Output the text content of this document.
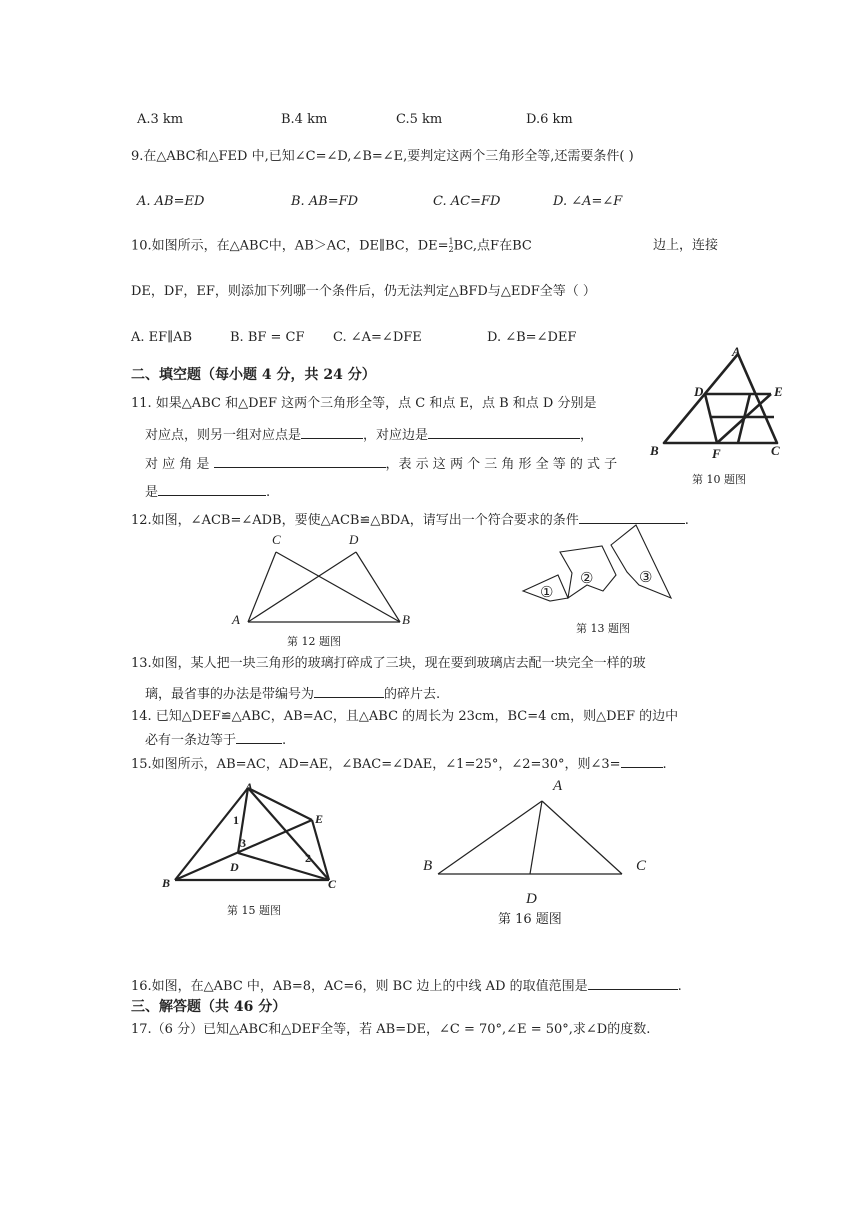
A.3 km	B.4 km	C.5 km	D.6 km
9.在△ABC和△FED 中,已知∠C=∠D,∠B=∠E,要判定这两个三角形全等,还需要条件( )
A. AB=ED	B. AB=FD	C. AC=FD	D. ∠A=∠F
10.如图所示，在△ABC中，AB＞AC，DE∥BC，DE=1
2BC,点F在BC	边上，连接
DE，DF，EF，则添加下列哪一个条件后，仍无法判定△BFD与△EDF全等（ ）
A. EF∥AB	B. BF = CF C. ∠A=∠DFE	D. ∠B=∠DEF
二、填空题（每小题 4 分，共 24 分）
11. 如果△ABC 和△DEF 这两个三角形全等，点 C 和点 E，点 B 和点 D 分别是
对应点，则另一组对应点是	，对应边是	，
对 应 角 是	，表 示 这 两 个 三 角 形 全 等 的 式 子
是	.
A
D	E
B	F	C
第 10 题图
12.如图，∠ACB=∠ADB，要使△ACB≌△BDA，请写出一个符合要求的条件	.
C	D
A	B
第 12 题图
①
②	③
第 13 题图
13.如图，某人把一块三角形的玻璃打碎成了三块，现在要到玻璃店去配一块完全一样的玻
璃，最省事的办法是带编号为	的碎片去.
14. 已知△DEF≌△ABC，AB=AC，且△ABC 的周长为 23cm，BC=4 cm，则△DEF 的边中
必有一条边等于	.
15.如图所示，AB=AC，AD=AE，∠BAC=∠DAE，∠1=25°，∠2=30°，则∠3=	.
A
E
D
B	C
1
3
2
第 15 题图
A
B	C
D
第 16 题图
16.如图，在△ABC 中，AB=8，AC=6，则 BC 边上的中线 AD 的取值范围是	.
三、解答题（共 46 分）
17.（6 分）已知△ABC和△DEF全等，若 AB=DE，∠C = 70°,∠E = 50°,求∠D的度数.
